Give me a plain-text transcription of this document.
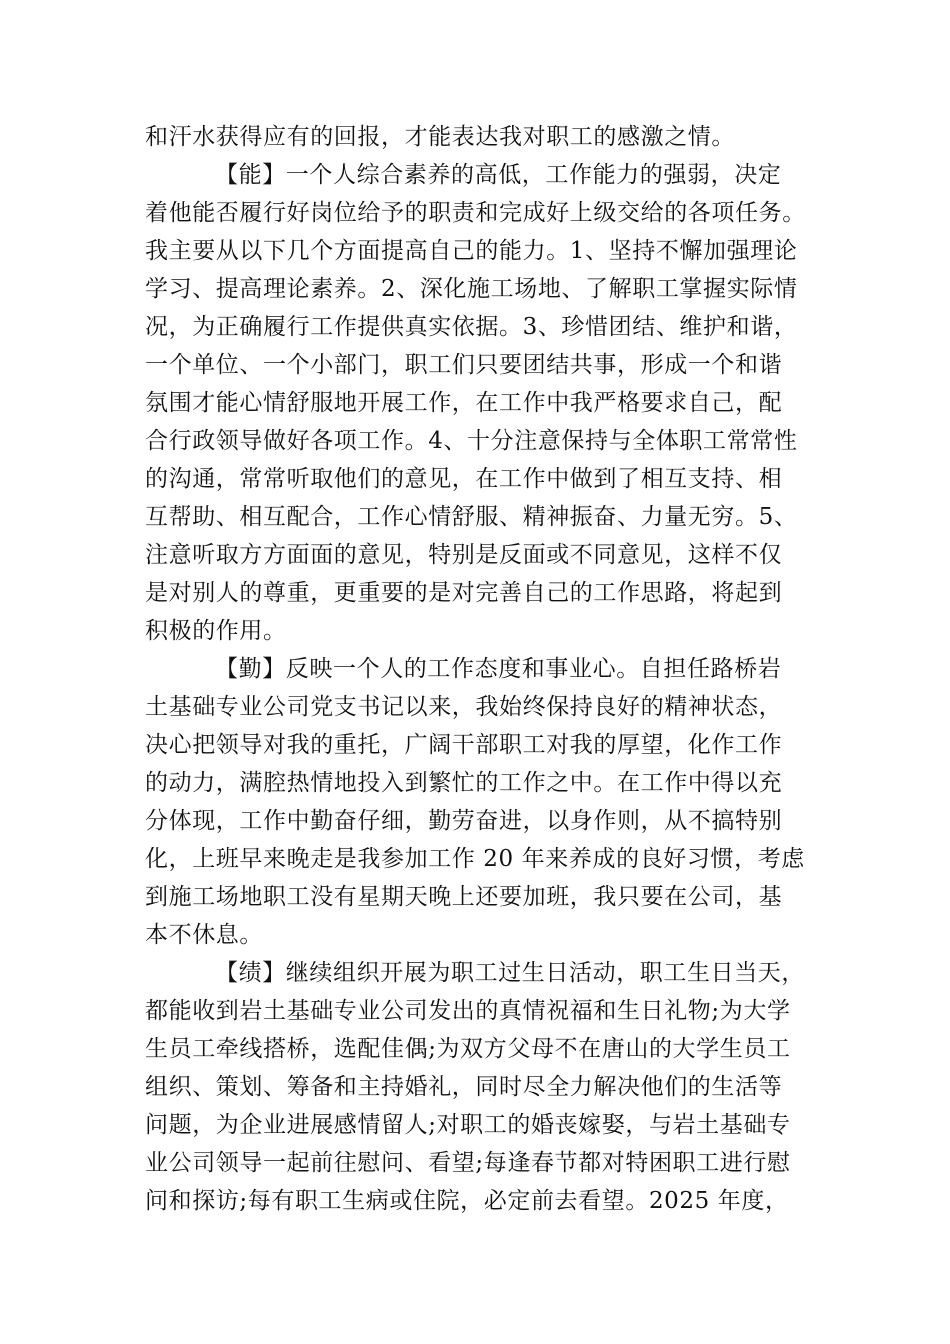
和汗水获得应有的回报，才能表达我对职工的感激之情。
【能】一个人综合素养的高低，工作能力的强弱，决定
着他能否履行好岗位给予的职责和完成好上级交给的各项任务。
我主要从以下几个方面提高自己的能力。1、坚持不懈加强理论
学习、提高理论素养。2、深化施工场地、了解职工掌握实际情
况，为正确履行工作提供真实依据。3、珍惜团结、维护和谐，
一个单位、一个小部门，职工们只要团结共事，形成一个和谐
氛围才能心情舒服地开展工作，在工作中我严格要求自己，配
合行政领导做好各项工作。4、十分注意保持与全体职工常常性
的沟通，常常听取他们的意见，在工作中做到了相互支持、相
互帮助、相互配合，工作心情舒服、精神振奋、力量无穷。5、
注意听取方方面面的意见，特别是反面或不同意见，这样不仅
是对别人的尊重，更重要的是对完善自己的工作思路，将起到
积极的作用。
【勤】反映一个人的工作态度和事业心。自担任路桥岩
土基础专业公司党支书记以来，我始终保持良好的精神状态，
决心把领导对我的重托，广阔干部职工对我的厚望，化作工作
的动力，满腔热情地投入到繁忙的工作之中。在工作中得以充
分体现，工作中勤奋仔细，勤劳奋进，以身作则，从不搞特别
化，上班早来晚走是我参加工作 20 年来养成的良好习惯，考虑
到施工场地职工没有星期天晚上还要加班，我只要在公司，基
本不休息。
【绩】继续组织开展为职工过生日活动，职工生日当天，
都能收到岩土基础专业公司发出的真情祝福和生日礼物;为大学
生员工牵线搭桥，选配佳偶;为双方父母不在唐山的大学生员工
组织、策划、筹备和主持婚礼，同时尽全力解决他们的生活等
问题，为企业进展感情留人;对职工的婚丧嫁娶，与岩土基础专
业公司领导一起前往慰问、看望;每逢春节都对特困职工进行慰
问和探访;每有职工生病或住院，必定前去看望。2025 年度，
